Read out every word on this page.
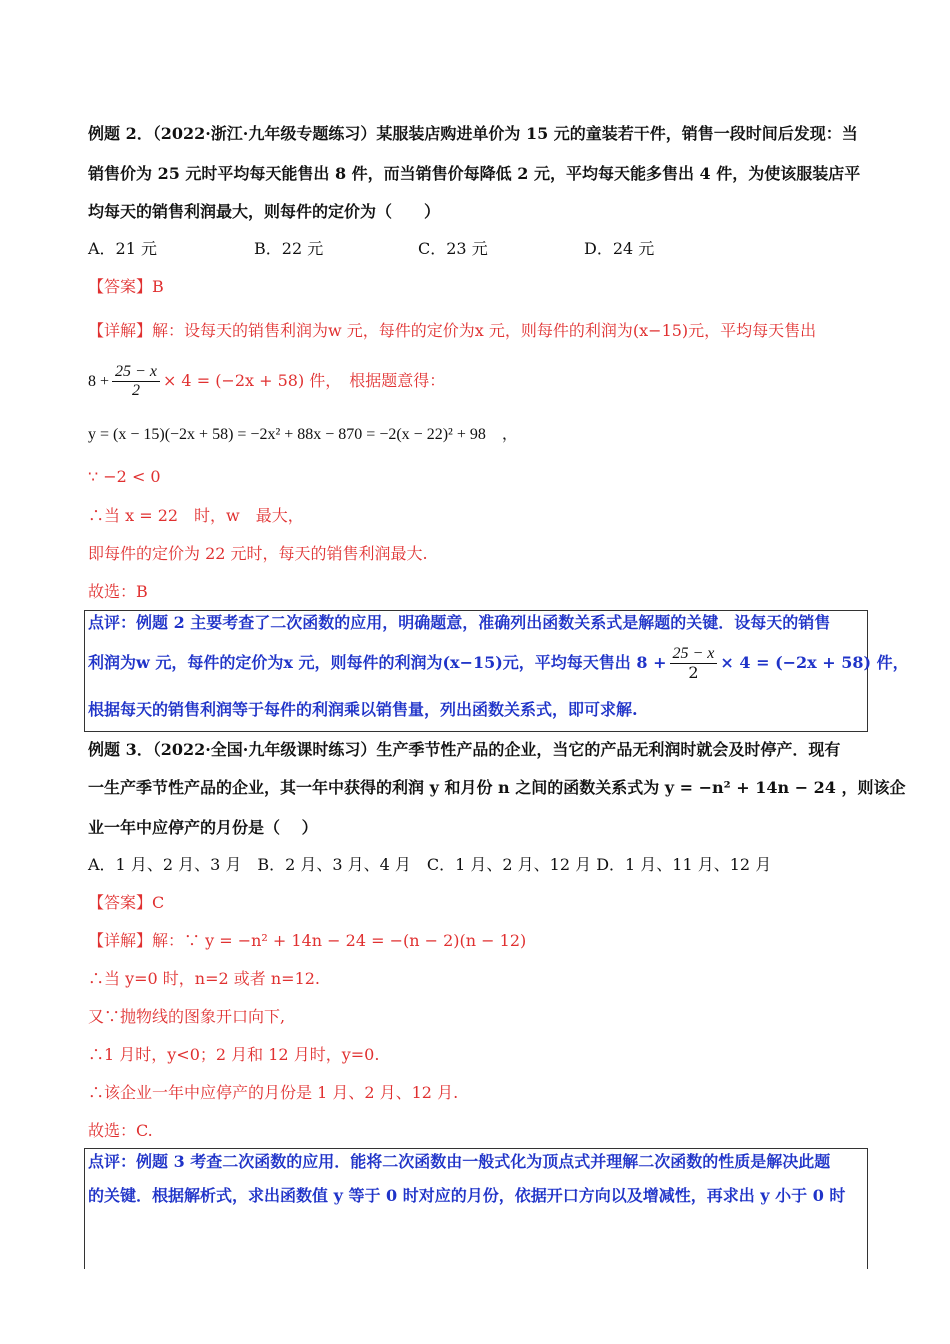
例题 2．（2022·浙江·九年级专题练习）某服装店购进单价为 15 元的童装若干件，销售一段时间后发现：当
销售价为 25 元时平均每天能售出 8 件，而当销售价每降低 2 元，平均每天能多售出 4 件，为使该服装店平
均每天的销售利润最大，则每件的定价为（　　）
A．21 元	B．22 元	C．23 元	D．24 元
【答案】B
【详解】解：设每天的销售利润为w 元，每件的定价为x 元，则每件的利润为(x−15)元，平均每天售出
$8 + \frac{25 - x}{2} \times 4 = (-2x + 58)$ 件，　根据题意得：
y = (x − 15)(−2x + 58) = −2x² + 88x − 870 = −2(x − 22)² + 98　，
∵ −2 < 0
∴当 x = 22　时，w　最大，
即每件的定价为 22 元时，每天的销售利润最大.
故选：B
点评：例题 2 主要考查了二次函数的应用，明确题意，准确列出函数关系式是解题的关键．设每天的销售
利润为w 元，每件的定价为x 元，则每件的利润为(x−15)元，平均每天售出 $8 + \frac{25 - x}{2} \times 4 = (-2x + 58)$ 件，
根据每天的销售利润等于每件的利润乘以销售量，列出函数关系式，即可求解.
例题 3．（2022·全国·九年级课时练习）生产季节性产品的企业，当它的产品无利润时就会及时停产．现有
一生产季节性产品的企业，其一年中获得的利润 y 和月份 n 之间的函数关系式为 y = −n² + 14n − 24 ，则该企
业一年中应停产的月份是（　 ）
A．1 月、2 月、3 月　B．2 月、3 月、4 月　C．1 月、2 月、12 月 D．1 月、11 月、12 月
【答案】C
【详解】解：∵ y = −n² + 14n − 24 = −(n − 2)(n − 12)
∴当 y=0 时，n=2 或者 n=12.
又∵抛物线的图象开口向下,
∴1 月时，y<0；2 月和 12 月时，y=0.
∴该企业一年中应停产的月份是 1 月、2 月、12 月.
故选：C.
点评：例题 3 考查二次函数的应用．能将二次函数由一般式化为顶点式并理解二次函数的性质是解决此题
的关键．根据解析式，求出函数值 y 等于 0 时对应的月份，依据开口方向以及增减性，再求出 y 小于 0 时
